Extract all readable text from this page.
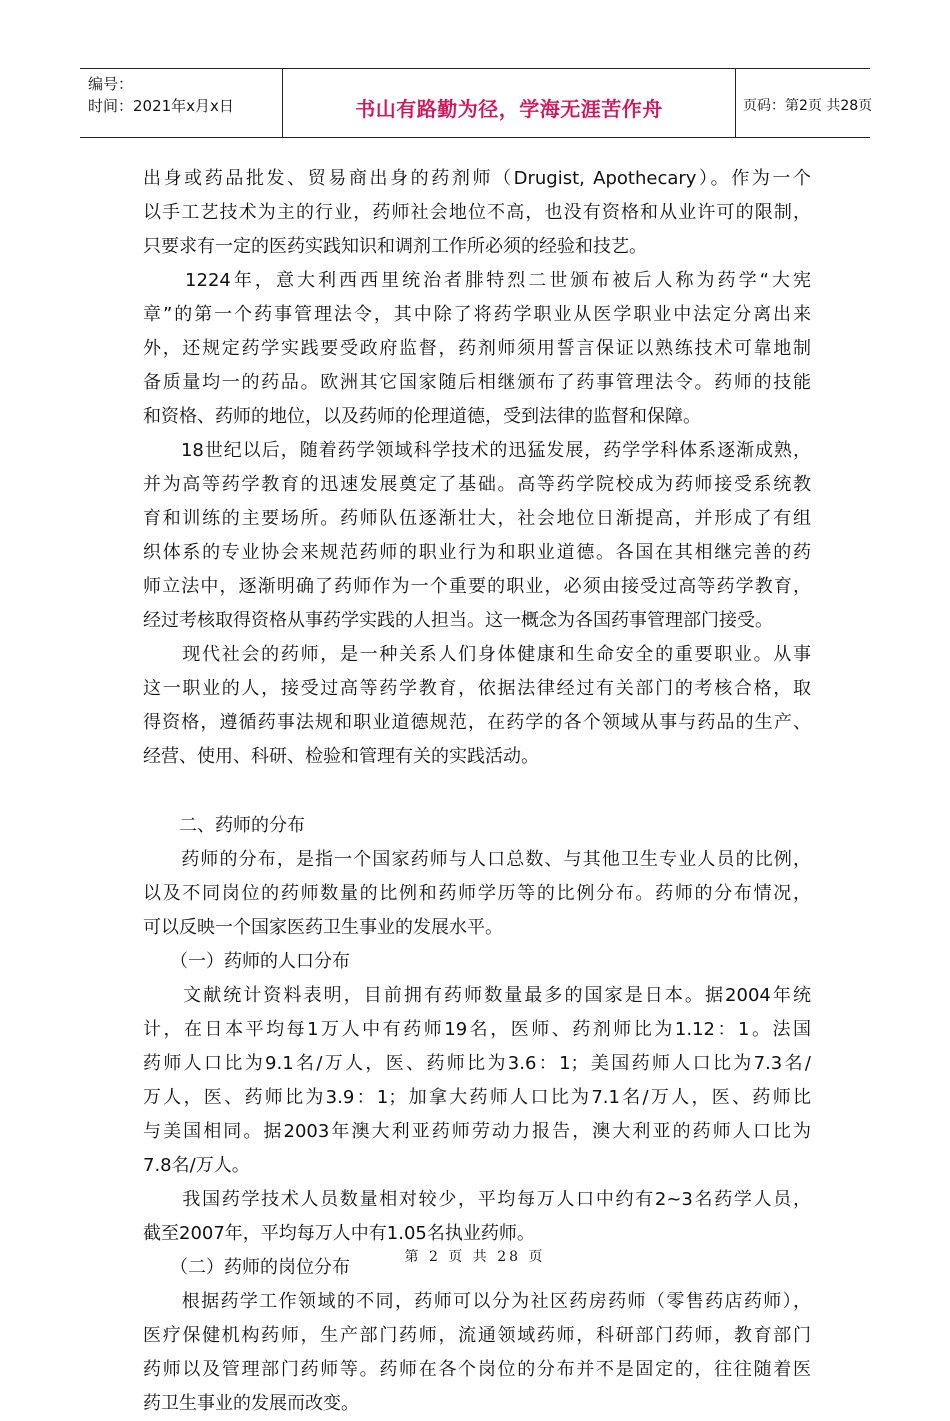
编号：
时间：2021年x月x日	书山有路勤为径，学海无涯苦作舟	页码：第2页 共28页
出身或药品批发、贸易商出身的药剂师（Drugist, Apothecary）。作为一个
以手工艺技术为主的行业，药师社会地位不高，也没有资格和从业许可的限制，
只要求有一定的医药实践知识和调剂工作所必须的经验和技艺。
　　1224年，意大利西西里统治者腓特烈二世颁布被后人称为药学“大宪
章”的第一个药事管理法令，其中除了将药学职业从医学职业中法定分离出来
外，还规定药学实践要受政府监督，药剂师须用誓言保证以熟练技术可靠地制
备质量均一的药品。欧洲其它国家随后相继颁布了药事管理法令。药师的技能
和资格、药师的地位，以及药师的伦理道德，受到法律的监督和保障。
　　18世纪以后，随着药学领域科学技术的迅猛发展，药学学科体系逐渐成熟，
并为高等药学教育的迅速发展奠定了基础。高等药学院校成为药师接受系统教
育和训练的主要场所。药师队伍逐渐壮大，社会地位日渐提高，并形成了有组
织体系的专业协会来规范药师的职业行为和职业道德。各国在其相继完善的药
师立法中，逐渐明确了药师作为一个重要的职业，必须由接受过高等药学教育，
经过考核取得资格从事药学实践的人担当。这一概念为各国药事管理部门接受。
　　现代社会的药师，是一种关系人们身体健康和生命安全的重要职业。从事
这一职业的人，接受过高等药学教育，依据法律经过有关部门的考核合格，取
得资格，遵循药事法规和职业道德规范，在药学的各个领域从事与药品的生产、
经营、使用、科研、检验和管理有关的实践活动。
　　二、药师的分布
　　药师的分布，是指一个国家药师与人口总数、与其他卫生专业人员的比例，
以及不同岗位的药师数量的比例和药师学历等的比例分布。药师的分布情况，
可以反映一个国家医药卫生事业的发展水平。
　　（一）药师的人口分布
　　文献统计资料表明，目前拥有药师数量最多的国家是日本。据2004年统
计，在日本平均每1万人中有药师19名，医师、药剂师比为1.12：1。法国
药师人口比为9.1名/万人，医、药师比为3.6：1；美国药师人口比为7.3名/
万人，医、药师比为3.9：1；加拿大药师人口比为7.1名/万人，医、药师比
与美国相同。据2003年澳大利亚药师劳动力报告，澳大利亚的药师人口比为
7.8名/万人。
　　我国药学技术人员数量相对较少，平均每万人口中约有2~3名药学人员，
截至2007年，平均每万人中有1.05名执业药师。
　　（二）药师的岗位分布
　　根据药学工作领域的不同，药师可以分为社区药房药师（零售药店药师），
医疗保健机构药师，生产部门药师，流通领域药师，科研部门药师，教育部门
药师以及管理部门药师等。药师在各个岗位的分布并不是固定的，往往随着医
药卫生事业的发展而改变。
第 2 页 共 28 页
